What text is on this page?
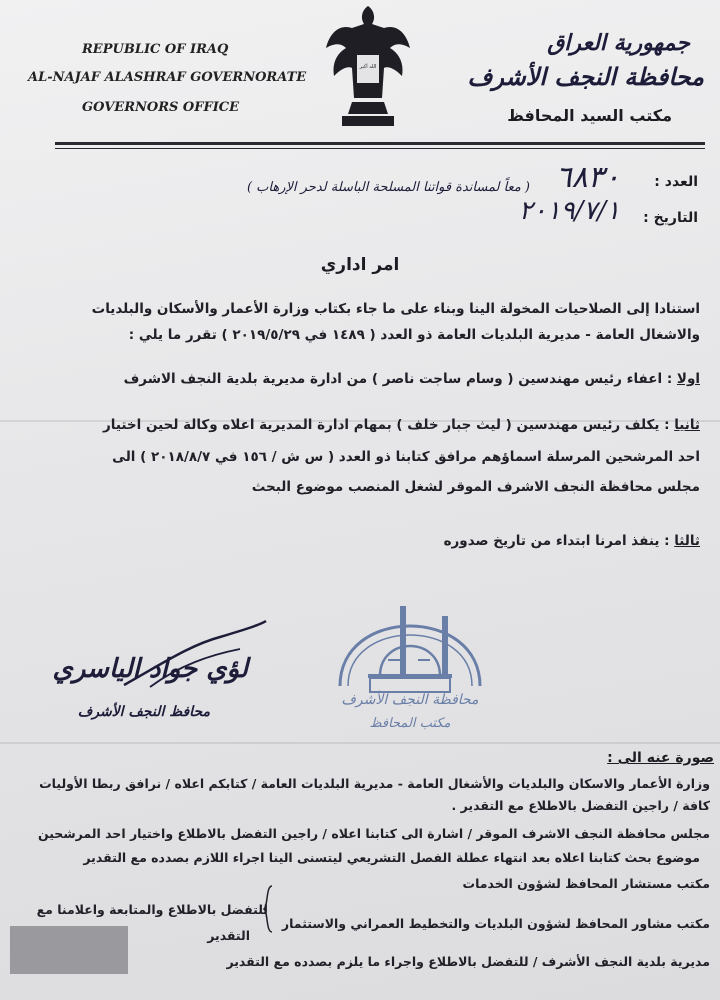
REPUBLIC OF IRAQ
AL-NAJAF ALASHRAF GOVERNORATE
GOVERNORS OFFICE
الله أكبر
جمهورية العراق
محافظة النجف الأشرف
مكتب السيد المحافظ
العدد :
٦٨٣٠
التاريخ :
٢٠١٩/٧/١
( معاً لمساندة قواتنا المسلحة الباسلة لدحر الإرهاب )
امر اداري
استنادا إلى الصلاحيات المخولة الينا وبناء على ما جاء بكتاب وزارة الأعمار والأسكان والبلديات
والاشغال العامة - مديرية البلديات العامة ذو العدد ( ١٤٨٩ في ٢٠١٩/٥/٢٩ ) تقرر ما يلي :
اولا : اعفاء رئيس مهندسين ( وسام ساجت ناصر ) من ادارة مديرية بلدية النجف الاشرف
ثانيا : يكلف رئيس مهندسين ( ليث جبار خلف ) بمهام ادارة المديرية اعلاه وكالة لحين اختيار
احد المرشحين المرسلة اسماؤهم مرافق كتابنا ذو العدد ( س ش / ١٥٦ في ٢٠١٨/٨/٧ ) الى
مجلس محافظة النجف الاشرف الموقر لشغل المنصب موضوع البحث
ثالثا : ينفذ امرنا ابتداء من تاريخ صدوره
محافظة النجف الأشرف
مكتب المحافظ
لؤي جواد الياسري
محافظ النجف الأشرف
صورة عنه الى :
وزارة الأعمار والاسكان والبلديات والأشغال العامة - مديرية البلديات العامة / كتابكم اعلاه / نرافق ربطا الأوليات
كافة / راجين التفضل بالاطلاع مع التقدير .
مجلس محافظة النجف الاشرف الموقر / اشارة الى كتابنا اعلاه / راجين التفضل بالاطلاع واختيار احد المرشحين
موضوع بحث كتابنا اعلاه بعد انتهاء عطلة الفصل التشريعي ليتسنى الينا اجراء اللازم بصدده مع التقدير
مكتب مستشار المحافظ لشؤون الخدمات
للتفضل بالاطلاع والمتابعة واعلامنا مع
مكتب مشاور المحافظ لشؤون البلديات والتخطيط العمراني والاستثمار
التقدير
مديرية بلدية النجف الأشرف / للتفضل بالاطلاع واجراء ما يلزم بصدده مع التقدير
